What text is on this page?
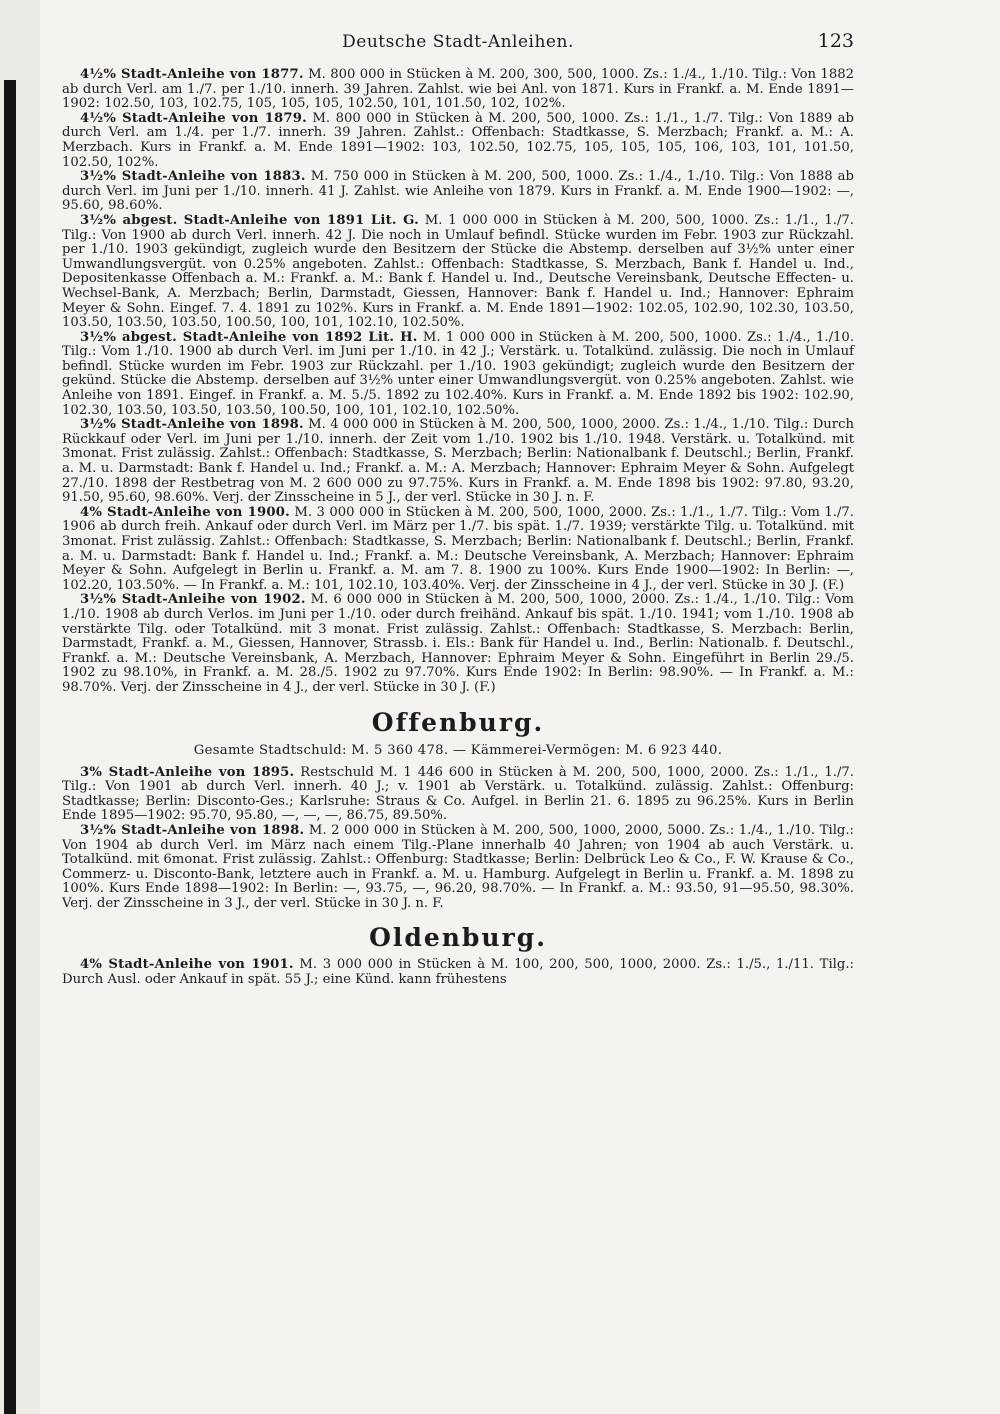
Deutsche Stadt-Anleihen.	123

4½% Stadt-Anleihe von 1877. M. 800 000 in Stücken à M. 200, 300, 500, 1000. Zs.: 1./4., 1./10. Tilg.: Von 1882 ab durch Verl. am 1./7. per 1./10. innerh. 39 Jahren. Zahlst. wie bei Anl. von 1871. Kurs in Frankf. a. M. Ende 1891—1902: 102.50, 103, 102.75, 105, 105, 105, 102.50, 101, 101.50, 102, 102%.

4½% Stadt-Anleihe von 1879. M. 800 000 in Stücken à M. 200, 500, 1000. Zs.: 1./1., 1./7. Tilg.: Von 1889 ab durch Verl. am 1./4. per 1./7. innerh. 39 Jahren. Zahlst.: Offenbach: Stadtkasse, S. Merzbach; Frankf. a. M.: A. Merzbach. Kurs in Frankf. a. M. Ende 1891—1902: 103, 102.50, 102.75, 105, 105, 105, 106, 103, 101, 101.50, 102.50, 102%.

3½% Stadt-Anleihe von 1883. M. 750 000 in Stücken à M. 200, 500, 1000. Zs.: 1./4., 1./10. Tilg.: Von 1888 ab durch Verl. im Juni per 1./10. innerh. 41 J. Zahlst. wie Anleihe von 1879. Kurs in Frankf. a. M. Ende 1900—1902: —, 95.60, 98.60%.

3½% abgest. Stadt-Anleihe von 1891 Lit. G. M. 1 000 000 in Stücken à M. 200, 500, 1000. Zs.: 1./1., 1./7. Tilg.: Von 1900 ab durch Verl. innerh. 42 J. Die noch in Umlauf befindl. Stücke wurden im Febr. 1903 zur Rückzahl. per 1./10. 1903 gekündigt, zugleich wurde den Besitzern der Stücke die Abstemp. derselben auf 3½% unter einer Umwandlungsvergüt. von 0.25% angeboten. Zahlst.: Offenbach: Stadtkasse, S. Merzbach, Bank f. Handel u. Ind., Depositenkasse Offenbach a. M.: Frankf. a. M.: Bank f. Handel u. Ind., Deutsche Vereinsbank, Deutsche Effecten- u. Wechsel-Bank, A. Merzbach; Berlin, Darmstadt, Giessen, Hannover: Bank f. Handel u. Ind.; Hannover: Ephraim Meyer & Sohn. Eingef. 7. 4. 1891 zu 102%. Kurs in Frankf. a. M. Ende 1891—1902: 102.05, 102.90, 102.30, 103.50, 103.50, 103.50, 103.50, 100.50, 100, 101, 102.10, 102.50%.

3½% abgest. Stadt-Anleihe von 1892 Lit. H. M. 1 000 000 in Stücken à M. 200, 500, 1000. Zs.: 1./4., 1./10. Tilg.: Vom 1./10. 1900 ab durch Verl. im Juni per 1./10. in 42 J.; Verstärk. u. Totalkünd. zulässig. Die noch in Umlauf befindl. Stücke wurden im Febr. 1903 zur Rückzahl. per 1./10. 1903 gekündigt; zugleich wurde den Besitzern der gekünd. Stücke die Abstemp. derselben auf 3½% unter einer Umwandlungsvergüt. von 0.25% angeboten. Zahlst. wie Anleihe von 1891. Eingef. in Frankf. a. M. 5./5. 1892 zu 102.40%. Kurs in Frankf. a. M. Ende 1892 bis 1902: 102.90, 102.30, 103.50, 103.50, 103.50, 100.50, 100, 101, 102.10, 102.50%.

3½% Stadt-Anleihe von 1898. M. 4 000 000 in Stücken à M. 200, 500, 1000, 2000. Zs.: 1./4., 1./10. Tilg.: Durch Rückkauf oder Verl. im Juni per 1./10. innerh. der Zeit vom 1./10. 1902 bis 1./10. 1948. Verstärk. u. Totalkünd. mit 3monat. Frist zulässig. Zahlst.: Offenbach: Stadtkasse, S. Merzbach; Berlin: Nationalbank f. Deutschl.; Berlin, Frankf. a. M. u. Darmstadt: Bank f. Handel u. Ind.; Frankf. a. M.: A. Merzbach; Hannover: Ephraim Meyer & Sohn. Aufgelegt 27./10. 1898 der Restbetrag von M. 2 600 000 zu 97.75%. Kurs in Frankf. a. M. Ende 1898 bis 1902: 97.80, 93.20, 91.50, 95.60, 98.60%. Verj. der Zinsscheine in 5 J., der verl. Stücke in 30 J. n. F.

4% Stadt-Anleihe von 1900. M. 3 000 000 in Stücken à M. 200, 500, 1000, 2000. Zs.: 1./1., 1./7. Tilg.: Vom 1./7. 1906 ab durch freih. Ankauf oder durch Verl. im März per 1./7. bis spät. 1./7. 1939; verstärkte Tilg. u. Totalkünd. mit 3monat. Frist zulässig. Zahlst.: Offenbach: Stadtkasse, S. Merzbach; Berlin: Nationalbank f. Deutschl.; Berlin, Frankf. a. M. u. Darmstadt: Bank f. Handel u. Ind.; Frankf. a. M.: Deutsche Vereinsbank, A. Merzbach; Hannover: Ephraim Meyer & Sohn. Aufgelegt in Berlin u. Frankf. a. M. am 7. 8. 1900 zu 100%. Kurs Ende 1900—1902: In Berlin: —, 102.20, 103.50%. — In Frankf. a. M.: 101, 102.10, 103.40%. Verj. der Zinsscheine in 4 J., der verl. Stücke in 30 J. (F.)

3½% Stadt-Anleihe von 1902. M. 6 000 000 in Stücken à M. 200, 500, 1000, 2000. Zs.: 1./4., 1./10. Tilg.: Vom 1./10. 1908 ab durch Verlos. im Juni per 1./10. oder durch freihänd. Ankauf bis spät. 1./10. 1941; vom 1./10. 1908 ab verstärkte Tilg. oder Totalkünd. mit 3 monat. Frist zulässig. Zahlst.: Offenbach: Stadtkasse, S. Merzbach: Berlin, Darmstadt, Frankf. a. M., Giessen, Hannover, Strassb. i. Els.: Bank für Handel u. Ind., Berlin: Nationalb. f. Deutschl., Frankf. a. M.: Deutsche Vereinsbank, A. Merzbach, Hannover: Ephraim Meyer & Sohn. Eingeführt in Berlin 29./5. 1902 zu 98.10%, in Frankf. a. M. 28./5. 1902 zu 97.70%. Kurs Ende 1902: In Berlin: 98.90%. — In Frankf. a. M.: 98.70%. Verj. der Zinsscheine in 4 J., der verl. Stücke in 30 J. (F.)

Offenburg.
Gesamte Stadtschuld: M. 5 360 478. — Kämmerei-Vermögen: M. 6 923 440.

3% Stadt-Anleihe von 1895. Restschuld M. 1 446 600 in Stücken à M. 200, 500, 1000, 2000. Zs.: 1./1., 1./7. Tilg.: Von 1901 ab durch Verl. innerh. 40 J.; v. 1901 ab Verstärk. u. Totalkünd. zulässig. Zahlst.: Offenburg: Stadtkasse; Berlin: Disconto-Ges.; Karlsruhe: Straus & Co. Aufgel. in Berlin 21. 6. 1895 zu 96.25%. Kurs in Berlin Ende 1895—1902: 95.70, 95.80, —, —, —, 86.75, 89.50%.

3½% Stadt-Anleihe von 1898. M. 2 000 000 in Stücken à M. 200, 500, 1000, 2000, 5000. Zs.: 1./4., 1./10. Tilg.: Von 1904 ab durch Verl. im März nach einem Tilg.-Plane innerhalb 40 Jahren; von 1904 ab auch Verstärk. u. Totalkünd. mit 6monat. Frist zulässig. Zahlst.: Offenburg: Stadtkasse; Berlin: Delbrück Leo & Co., F. W. Krause & Co., Commerz- u. Disconto-Bank, letztere auch in Frankf. a. M. u. Hamburg. Aufgelegt in Berlin u. Frankf. a. M. 1898 zu 100%. Kurs Ende 1898—1902: In Berlin: —, 93.75, —, 96.20, 98.70%. — In Frankf. a. M.: 93.50, 91—95.50, 98.30%. Verj. der Zinsscheine in 3 J., der verl. Stücke in 30 J. n. F.

Oldenburg.

4% Stadt-Anleihe von 1901. M. 3 000 000 in Stücken à M. 100, 200, 500, 1000, 2000. Zs.: 1./5., 1./11. Tilg.: Durch Ausl. oder Ankauf in spät. 55 J.; eine Künd. kann frühestens
